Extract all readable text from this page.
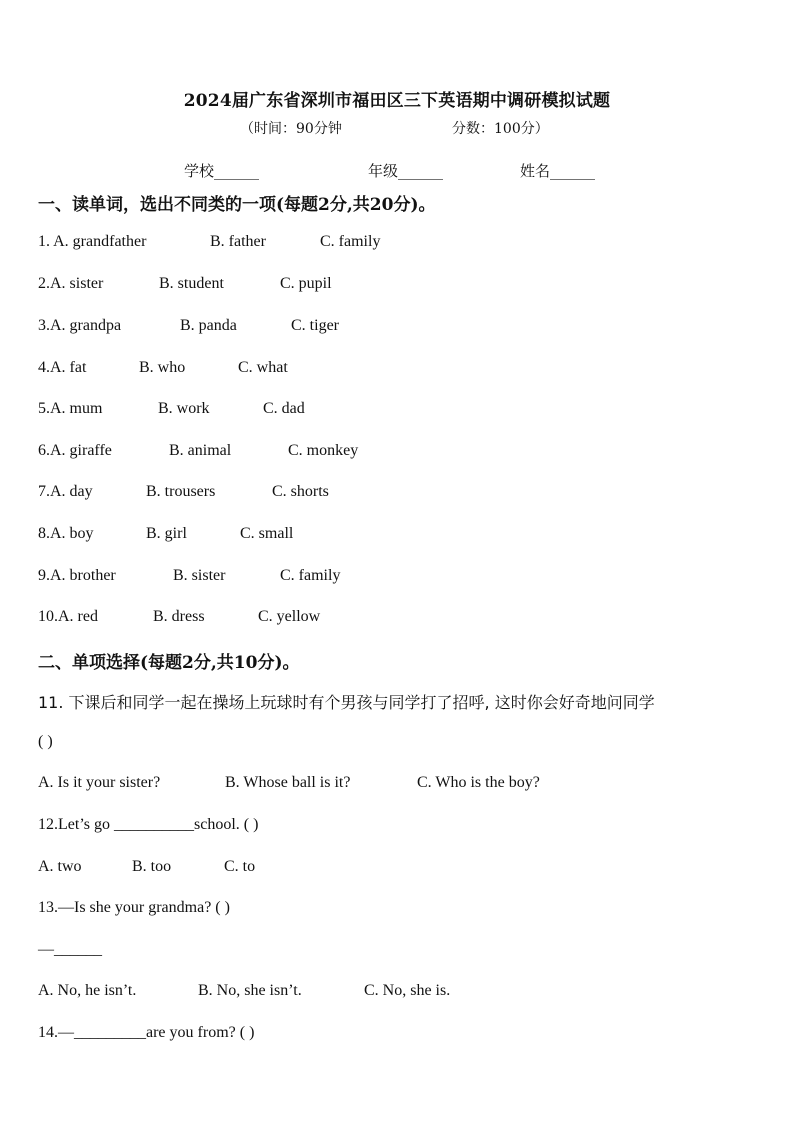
2024届广东省深圳市福田区三下英语期中调研模拟试题
（时间：90分钟	分数：100分）
学校______	年级______	姓名______
一、读单词，选出不同类的一项(每题2分,共20分)。
1. A. grandfather	B. father	C. family
2.A. sister	B. student	C. pupil
3.A. grandpa	B. panda	C. tiger
4.A. fat	B. who	C. what
5.A. mum	B. work	C. dad
6.A. giraffe	B. animal	C. monkey
7.A. day	B. trousers	C. shorts
8.A. boy	B. girl	C. small
9.A. brother	B. sister	C. family
10.A. red	B. dress	C. yellow
二、单项选择(每题2分,共10分)。
11. 下课后和同学一起在操场上玩球时有个男孩与同学打了招呼, 这时你会好奇地问同学
( )
A. Is it your sister?	B. Whose ball is it?	C. Who is the boy?
12.Let’s go __________school. ( )
A. two	B. too	C. to
13.—Is she your grandma? ( )
—______
A. No, he isn’t.	B. No, she isn’t.	C. No, she is.
14.—_________are you from? ( )
